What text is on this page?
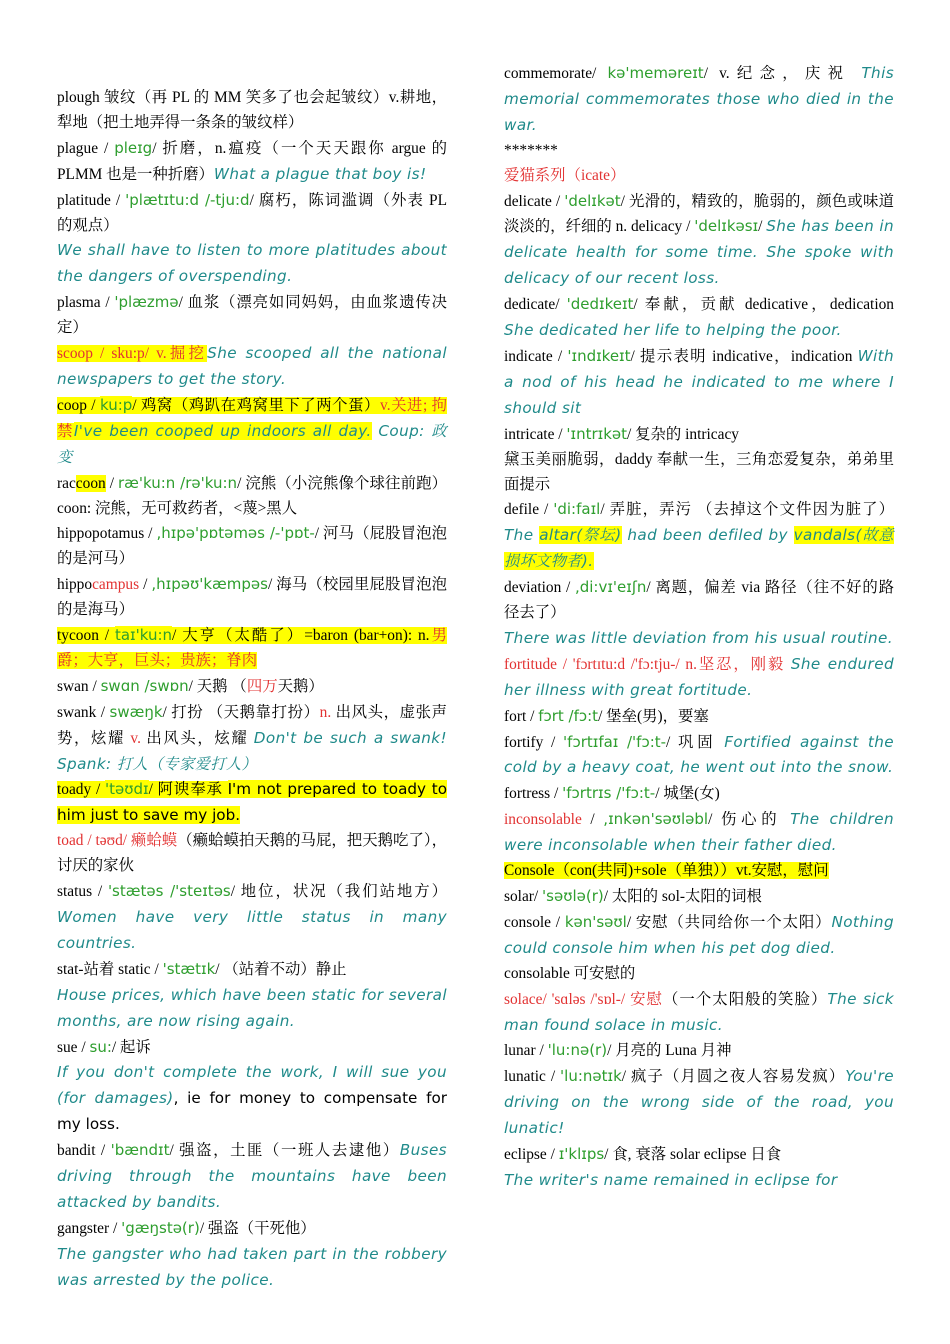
plough 皱纹（再 PL 的 MM 笑多了也会起皱纹）v.耕地，犁地（把土地弄得一条条的皱纹样）

plague / pleɪg/ 折磨，n.瘟疫（一个天天跟你 argue 的 PLMM 也是一种折磨）What a plague that boy is!

platitude / 'plætɪtu:d /-tju:d/ 腐朽，陈词滥调（外表 PL 的观点）

We shall have to listen to more platitudes about the dangers of overspending.

plasma / 'plæzmə/ 血浆（漂亮如同妈妈，由血浆遗传决定）

scoop / sku:p/ v.掘挖She scooped all the national newspapers to get the story.

coop / ku:p/ 鸡窝（鸡趴在鸡窝里下了两个蛋）v.关进; 拘禁I've been cooped up indoors all day. Coup: 政变

raccoon / ræ'ku:n /rə'ku:n/ 浣熊（小浣熊像个球往前跑）coon: 浣熊，无可救药者，<蔑>黑人

hippopotamus / ,hɪpə'pɒtəməs /-'pɒt-/ 河马（屁股冒泡泡的是河马）

hippocampus / ,hɪpəʊ'kæmpəs/ 海马（校园里屁股冒泡泡的是海马）

tycoon / taɪ'ku:n/ 大亨（太酷了）=baron (bar+on): n.男爵；大亨，巨头；贵族；脊肉

swan / swɑn /swɒn/ 天鹅 （四万天鹅）

swank / swæŋk/ 打扮 （天鹅靠打扮）n. 出风头，虚张声势，炫耀 v. 出风头，炫耀 Don't be such a swank! Spank: 打人（专家爱打人）

toady / 'təʊdɪ/ 阿谀奉承 I'm not prepared to toady to him just to save my job.

toad / təʊd/ 癞蛤蟆（癞蛤蟆拍天鹅的马屁，把天鹅吃了），讨厌的家伙

status / 'stætəs /'steɪtəs/ 地位，状况（我们站地方）Women have very little status in many countries.

stat-站着 static / 'stætɪk/ （站着不动）静止

House prices, which have been static for several months, are now rising again.

sue / su:/ 起诉

If you don't complete the work, I will sue you (for damages), ie for money to compensate for my loss.

bandit / 'bændɪt/ 强盗，土匪（一班人去逮他）Buses driving through the mountains have been attacked by bandits.

gangster / 'gæŋstə(r)/ 强盗（干死他）

The gangster who had taken part in the robbery was arrested by the police.

commemorate/ kə'meməreɪt/ v.纪念，庆祝 This memorial commemorates those who died in the war.

*******

爱猫系列（icate）

delicate / 'delɪkət/ 光滑的，精致的，脆弱的，颜色或味道淡淡的，纤细的 n. delicacy / 'delɪkəsɪ/ She has been in delicate health for some time. She spoke with delicacy of our recent loss.

dedicate/ 'dedɪkeɪt/ 奉献，贡献 dedicative，dedication She dedicated her life to helping the poor.

indicate / 'ɪndɪkeɪt/ 提示表明 indicative，indication With a nod of his head he indicated to me where I should sit

intricate / 'ɪntrɪkət/ 复杂的 intricacy

黛玉美丽脆弱，daddy 奉献一生，三角恋爱复杂，弟弟里面提示

defile / 'di:faɪl/ 弄脏，弄污 （去掉这个文件因为脏了） The altar(祭坛) had been defiled by vandals(故意损坏文物者).

deviation / ,di:vɪ'eɪʃn/ 离题，偏差 via 路径（往不好的路径去了）

There was little deviation from his usual routine.

fortitude / 'fɔrtɪtu:d /'fɔ:tju-/ n.坚忍，刚毅 She endured her illness with great fortitude.

fort / fɔrt /fɔ:t/ 堡垒(男)，要塞

fortify / 'fɔrtɪfaɪ /'fɔ:t-/ 巩固 Fortified against the cold by a heavy coat, he went out into the snow.

fortress / 'fɔrtrɪs /'fɔ:t-/ 城堡(女)

inconsolable / ,ɪnkən'səʊləbl/ 伤心的 The children were inconsolable when their father died.

Console（con(共同)+sole（单独））vt.安慰，慰问

solar/ 'səʊlə(r)/ 太阳的 sol-太阳的词根

console / kən'səʊl/ 安慰（共同给你一个太阳）Nothing could console him when his pet dog died.

consolable 可安慰的

solace/ 'sɑləs /'sɒl-/ 安慰（一个太阳般的笑脸）The sick man found solace in music.

lunar / 'lu:nə(r)/ 月亮的 Luna 月神

lunatic / 'lu:nətɪk/ 疯子（月圆之夜人容易发疯）You're driving on the wrong side of the road, you lunatic!

eclipse / ɪ'klɪps/ 食, 衰落 solar eclipse 日食

The writer's name remained in eclipse for
